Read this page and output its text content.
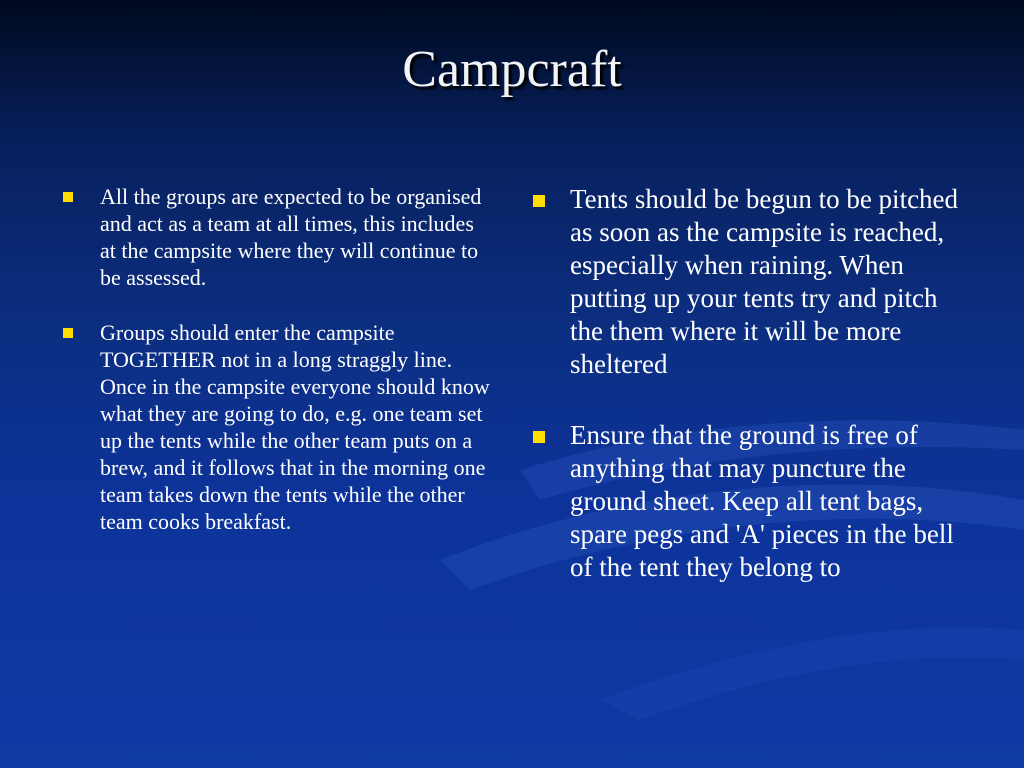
Campcraft
All the groups are expected to be organised and act as a team at all times, this includes at the campsite where they will continue to be assessed.
Groups should enter the campsite TOGETHER not in a long straggly line. Once in the campsite everyone should know what they are going to do, e.g. one team set up the tents while the other team puts on a brew, and it follows that in the morning one team takes down the tents while the other team cooks breakfast.
Tents should be begun to be pitched as soon as the campsite is reached, especially when raining. When putting up your tents try and pitch the them where it will be more sheltered
Ensure that the ground is free of anything that may puncture the ground sheet. Keep all tent bags, spare pegs and 'A' pieces in the bell of the tent they belong to
